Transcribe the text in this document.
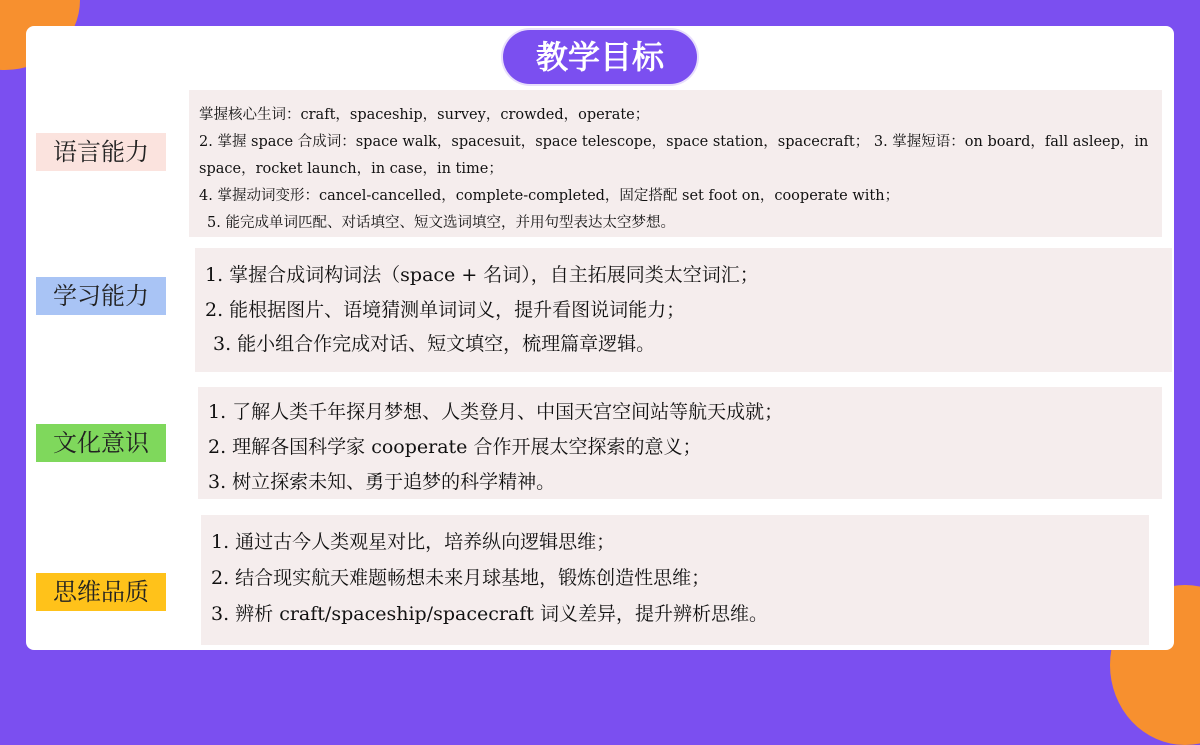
教学目标
语言能力
掌握核心生词：craft，spaceship，survey，crowded，operate；
2. 掌握 space 合成词：space walk，spacesuit，space telescope，space station，spacecraft； 3. 掌握短语：on board，fall asleep，in space，rocket launch，in case，in time；
4. 掌握动词变形：cancel-cancelled，complete-completed，固定搭配 set foot on，cooperate with；
5. 能完成单词匹配、对话填空、短文选词填空，并用句型表达太空梦想。
学习能力
1. 掌握合成词构词法（space + 名词），自主拓展同类太空词汇；
2. 能根据图片、语境猜测单词词义，提升看图说词能力；
3. 能小组合作完成对话、短文填空，梳理篇章逻辑。
文化意识
1. 了解人类千年探月梦想、人类登月、中国天宫空间站等航天成就；
2. 理解各国科学家 cooperate 合作开展太空探索的意义；
3. 树立探索未知、勇于追梦的科学精神。
思维品质
1. 通过古今人类观星对比，培养纵向逻辑思维；
2. 结合现实航天难题畅想未来月球基地，锻炼创造性思维；
3. 辨析 craft/spaceship/spacecraft 词义差异，提升辨析思维。
